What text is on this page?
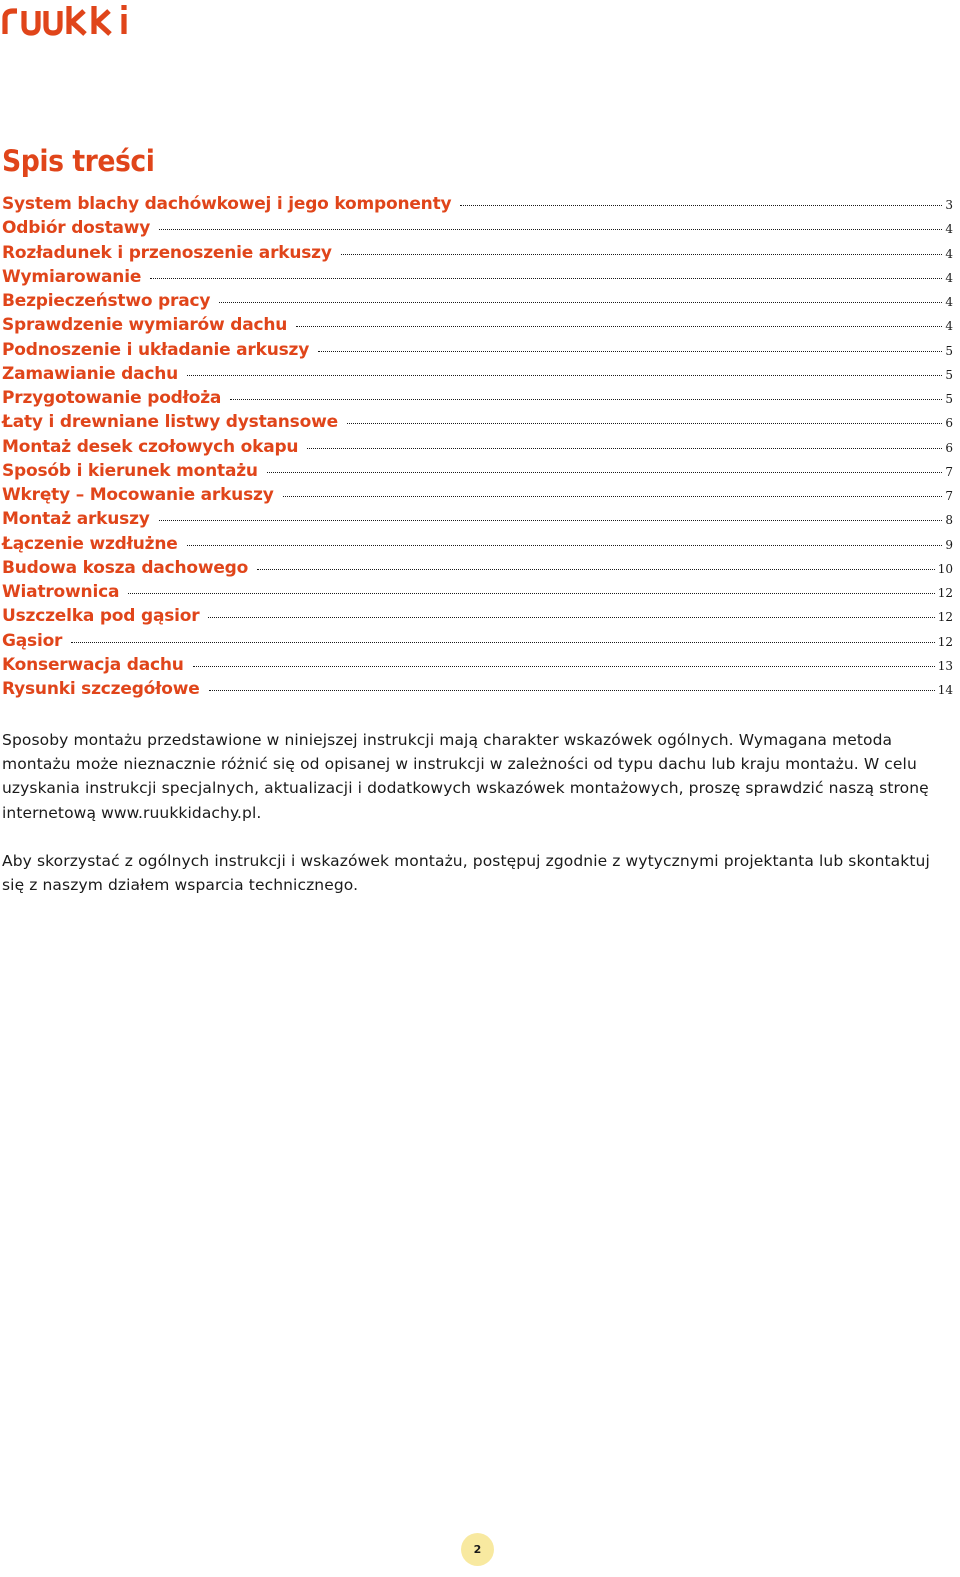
Spis treści
System blachy dachówkowej i jego komponenty	3
Odbiór dostawy	4
Rozładunek i przenoszenie arkuszy	4
Wymiarowanie	4
Bezpieczeństwo pracy	4
Sprawdzenie wymiarów dachu	4
Podnoszenie i układanie arkuszy	5
Zamawianie dachu	5
Przygotowanie podłoża	5
Łaty i drewniane listwy dystansowe	6
Montaż desek czołowych okapu	6
Sposób i kierunek montażu	7
Wkręty – Mocowanie arkuszy	7
Montaż arkuszy	8
Łączenie wzdłużne	9
Budowa kosza dachowego	10
Wiatrownica	12
Uszczelka pod gąsior	12
Gąsior	12
Konserwacja dachu	13
Rysunki szczegółowe	14

Sposoby montażu przedstawione w niniejszej instrukcji mają charakter wskazówek ogólnych. Wymagana metoda montażu może nieznacznie różnić się od opisanej w instrukcji w zależności od typu dachu lub kraju montażu. W celu uzyskania instrukcji specjalnych, aktualizacji i dodatkowych wskazówek montażowych, proszę sprawdzić naszą stronę internetową www.ruukkidachy.pl.

Aby skorzystać z ogólnych instrukcji i wskazówek montażu, postępuj zgodnie z wytycznymi projektanta lub skontaktuj się z naszym działem wsparcia technicznego.

2
